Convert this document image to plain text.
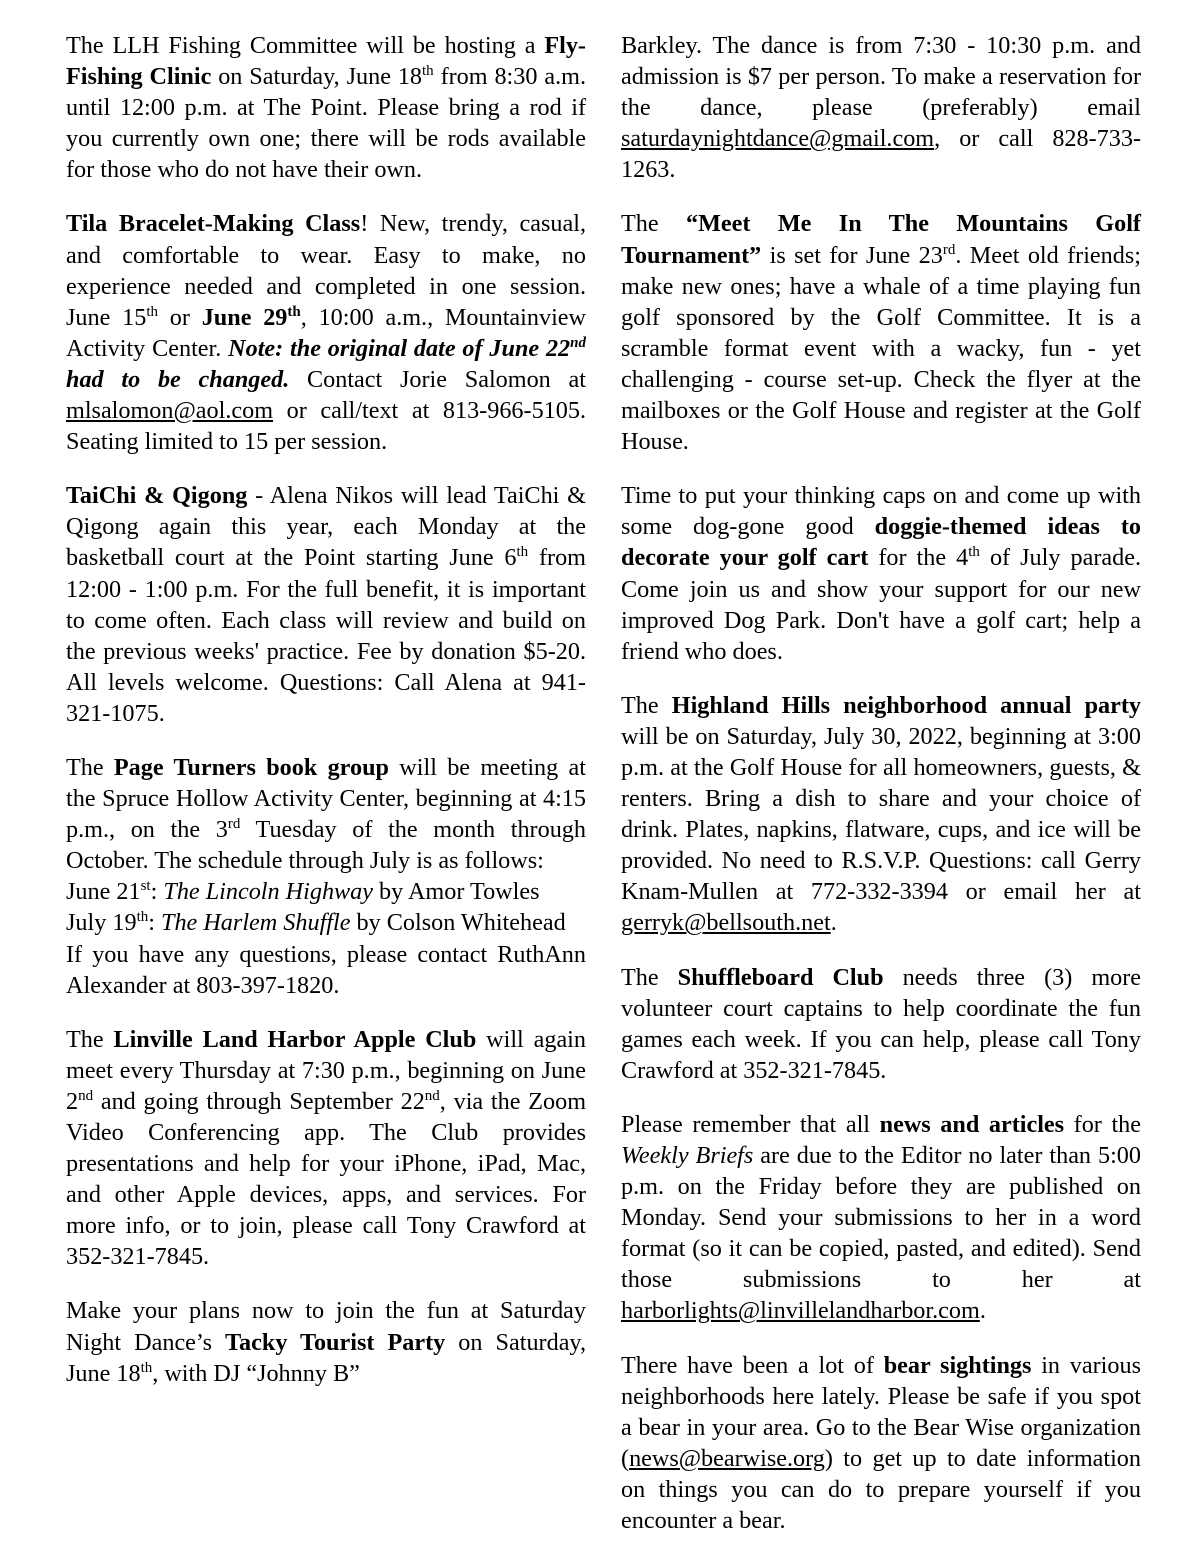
The LLH Fishing Committee will be hosting a Fly-Fishing Clinic on Saturday, June 18th from 8:30 a.m. until 12:00 p.m. at The Point. Please bring a rod if you currently own one; there will be rods available for those who do not have their own.

Tila Bracelet-Making Class! New, trendy, casual, and comfortable to wear. Easy to make, no experience needed and completed in one session. June 15th or June 29th, 10:00 a.m., Mountainview Activity Center. Note: the original date of June 22nd had to be changed. Contact Jorie Salomon at mlsalomon@aol.com or call/text at 813-966-5105. Seating limited to 15 per session.

TaiChi & Qigong - Alena Nikos will lead TaiChi & Qigong again this year, each Monday at the basketball court at the Point starting June 6th from 12:00 - 1:00 p.m. For the full benefit, it is important to come often. Each class will review and build on the previous weeks' practice. Fee by donation $5-20. All levels welcome. Questions: Call Alena at 941-321-1075.

The Page Turners book group will be meeting at the Spruce Hollow Activity Center, beginning at 4:15 p.m., on the 3rd Tuesday of the month through October. The schedule through July is as follows:

June 21st: The Lincoln Highway by Amor Towles

July 19th: The Harlem Shuffle by Colson Whitehead

If you have any questions, please contact RuthAnn Alexander at 803-397-1820.

The Linville Land Harbor Apple Club will again meet every Thursday at 7:30 p.m., beginning on June 2nd and going through September 22nd, via the Zoom Video Conferencing app. The Club provides presentations and help for your iPhone, iPad, Mac, and other Apple devices, apps, and services. For more info, or to join, please call Tony Crawford at 352-321-7845.

Make your plans now to join the fun at Saturday Night Dance’s Tacky Tourist Party on Saturday, June 18th, with DJ “Johnny B”

Barkley. The dance is from 7:30 - 10:30 p.m. and admission is $7 per person. To make a reservation for the dance, please (preferably) email saturdaynightdance@gmail.com, or call 828-733-1263.

The “Meet Me In The Mountains Golf Tournament” is set for June 23rd. Meet old friends; make new ones; have a whale of a time playing fun golf sponsored by the Golf Committee. It is a scramble format event with a wacky, fun - yet challenging - course set-up. Check the flyer at the mailboxes or the Golf House and register at the Golf House.

Time to put your thinking caps on and come up with some dog-gone good doggie-themed ideas to decorate your golf cart for the 4th of July parade. Come join us and show your support for our new improved Dog Park. Don't have a golf cart; help a friend who does.

The Highland Hills neighborhood annual party will be on Saturday, July 30, 2022, beginning at 3:00 p.m. at the Golf House for all homeowners, guests, & renters. Bring a dish to share and your choice of drink. Plates, napkins, flatware, cups, and ice will be provided. No need to R.S.V.P. Questions: call Gerry Knam-Mullen at 772-332-3394 or email her at gerryk@bellsouth.net.

The Shuffleboard Club needs three (3) more volunteer court captains to help coordinate the fun games each week. If you can help, please call Tony Crawford at 352-321-7845.

Please remember that all news and articles for the Weekly Briefs are due to the Editor no later than 5:00 p.m. on the Friday before they are published on Monday. Send your submissions to her in a word format (so it can be copied, pasted, and edited). Send those submissions to her at harborlights@linvillelandharbor.com.

There have been a lot of bear sightings in various neighborhoods here lately. Please be safe if you spot a bear in your area. Go to the Bear Wise organization (news@bearwise.org) to get up to date information on things you can do to prepare yourself if you encounter a bear.
